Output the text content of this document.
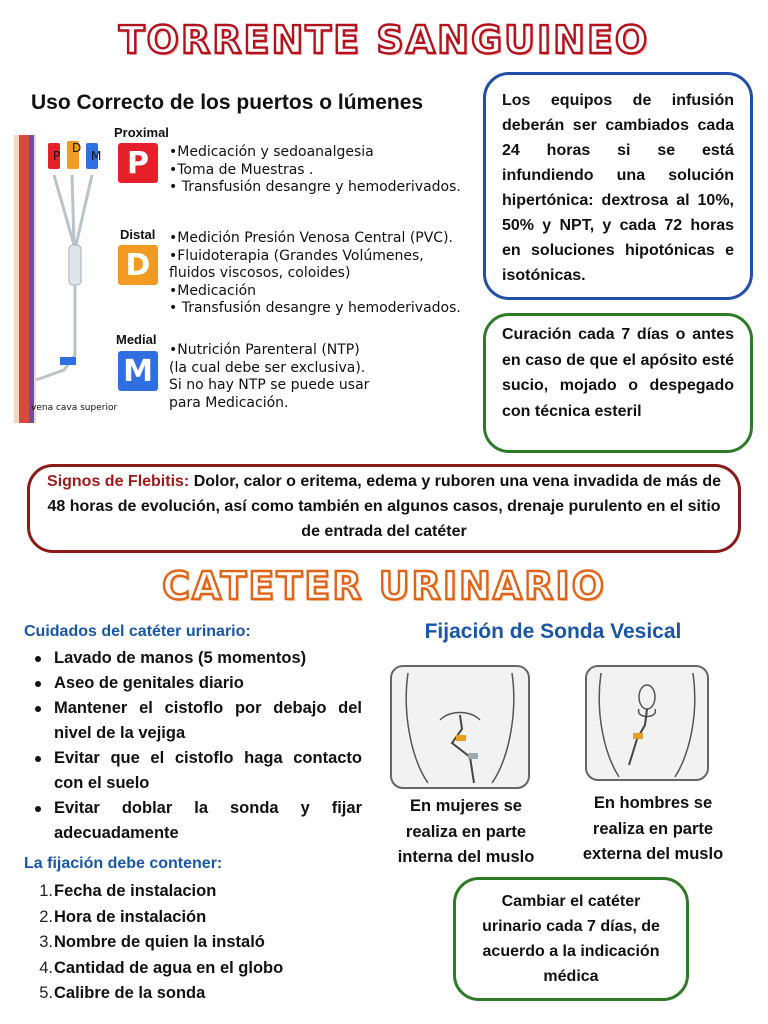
TORRENTE SANGUINEO
Uso Correcto de los puertos o lúmenes
P
D
M
vena cava superior
Proximal
P	•Medicación y sedoanalgesia
•Toma de Muestras .
• Transfusión desangre y hemoderivados.
Distal
D
•Medición Presión Venosa Central (PVC).
•Fluidoterapia (Grandes Volúmenes,
fluidos viscosos, coloides)
•Medicación
• Transfusión desangre y hemoderivados.
Medial
M
•Nutrición Parenteral (NTP)
(la cual debe ser exclusiva).
Si no hay NTP se puede usar
para Medicación.
Los equipos de infusión deberán ser cambiados cada 24 horas si se está infundiendo una solución hipertónica: dextrosa al 10%, 50% y NPT, y cada 72 horas en soluciones hipotónicas e isotónicas.
Curación cada 7 días o antes en caso de que el apósito esté sucio, mojado o despegado con técnica esteril
Signos de Flebitis: Dolor, calor o eritema, edema y ruboren una vena invadida de más de 48 horas de evolución, así como también en algunos casos, drenaje purulento en el sitio de entrada del catéter
CATETER URINARIO
Cuidados del catéter urinario:
Lavado de manos (5 momentos)
Aseo de genitales diario
Mantener el cistoflo por debajo del nivel de la vejiga
Evitar que el cistoflo haga contacto con el suelo
Evitar doblar la sonda y fijar adecuadamente
La fijación debe contener:
1.Fecha de instalacion
2.Hora de instalación
3.Nombre de quien la instaló
4.Cantidad de agua en el globo
5.Calibre de la sonda
Fijación de Sonda Vesical
En mujeres se
realiza en parte
interna del muslo
En hombres se
realiza en parte
externa del muslo
Cambiar el catéter
urinario cada 7 días, de
acuerdo a la indicación
médica
